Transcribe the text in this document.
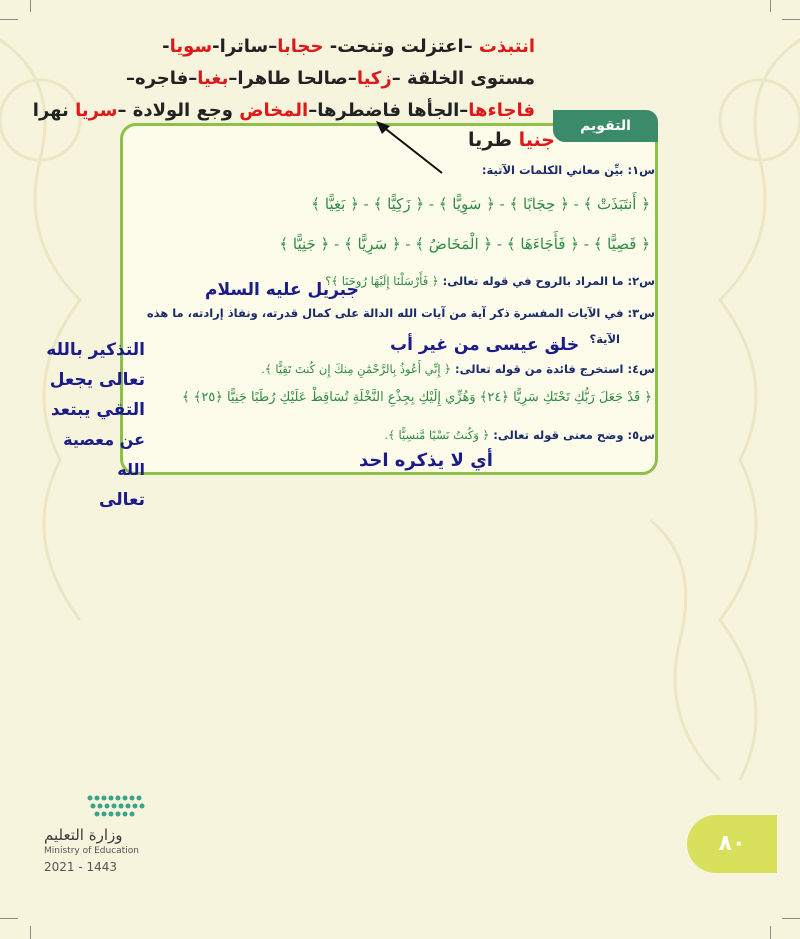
التقويم
انتبذت –اعتزلت وتنحت- حجابا–ساترا-سويا-
مستوى الخلقة –زكيا–صالحا طاهرا–بغيا–فاجره–
فاجاءها–الجأها فاضطرها–المخاض وجع الولادة –سريا نهرا
جنيا طريا
س١: بيِّن معاني الكلمات الآتية:
﴿ أَنتَبَذَتْ ﴾ - ﴿ حِجَابًا ﴾ - ﴿ سَوِيًّا ﴾ - ﴿ زَكِيًّا ﴾ - ﴿ بَغِيًّا ﴾
﴿ قَصِيًّا ﴾ - ﴿ فَأَجَاءَهَا ﴾ - ﴿ الْمَخَاضُ ﴾ - ﴿ سَرِيًّا ﴾ - ﴿ جَنِيًّا ﴾
س٢: ما المراد بالروح في قوله تعالى: ﴿ فَأَرْسَلْنَا إِلَيْهَا رُوحَنَا ﴾؟
جبريل عليه السلام
س٣: في الآيات المفسرة ذكر آية من آيات الله الدالة على كمال قدرته، ونفاذ إرادته، ما هذه
الآية؟
خلق عيسى من غير أب
س٤: استخرج فائدة من قوله تعالى: ﴿ إِنِّي أَعُوذُ بِالرَّحْمَٰنِ مِنكَ إِن كُنتَ تَقِيًّا ﴾.
﴿ قَدْ جَعَلَ رَبُّكِ تَحْتَكِ سَرِيًّا ﴿٢٤﴾ وَهُزِّي إِلَيْكِ بِجِذْعِ النَّخْلَةِ تُسَاقِطْ عَلَيْكِ رُطَبًا جَنِيًّا ﴿٢٥﴾ ﴾
س٥: وضح معنى قوله تعالى: ﴿ وَكُنتُ نَسْيًا مَّنسِيًّا ﴾.
أي لا يذكره احد
التذكير بالله
تعالى يجعل
التقي يبتعد
عن معصية الله
تعالى
وزارة التعليم
Ministry of Education
2021 - 1443
٨٠
